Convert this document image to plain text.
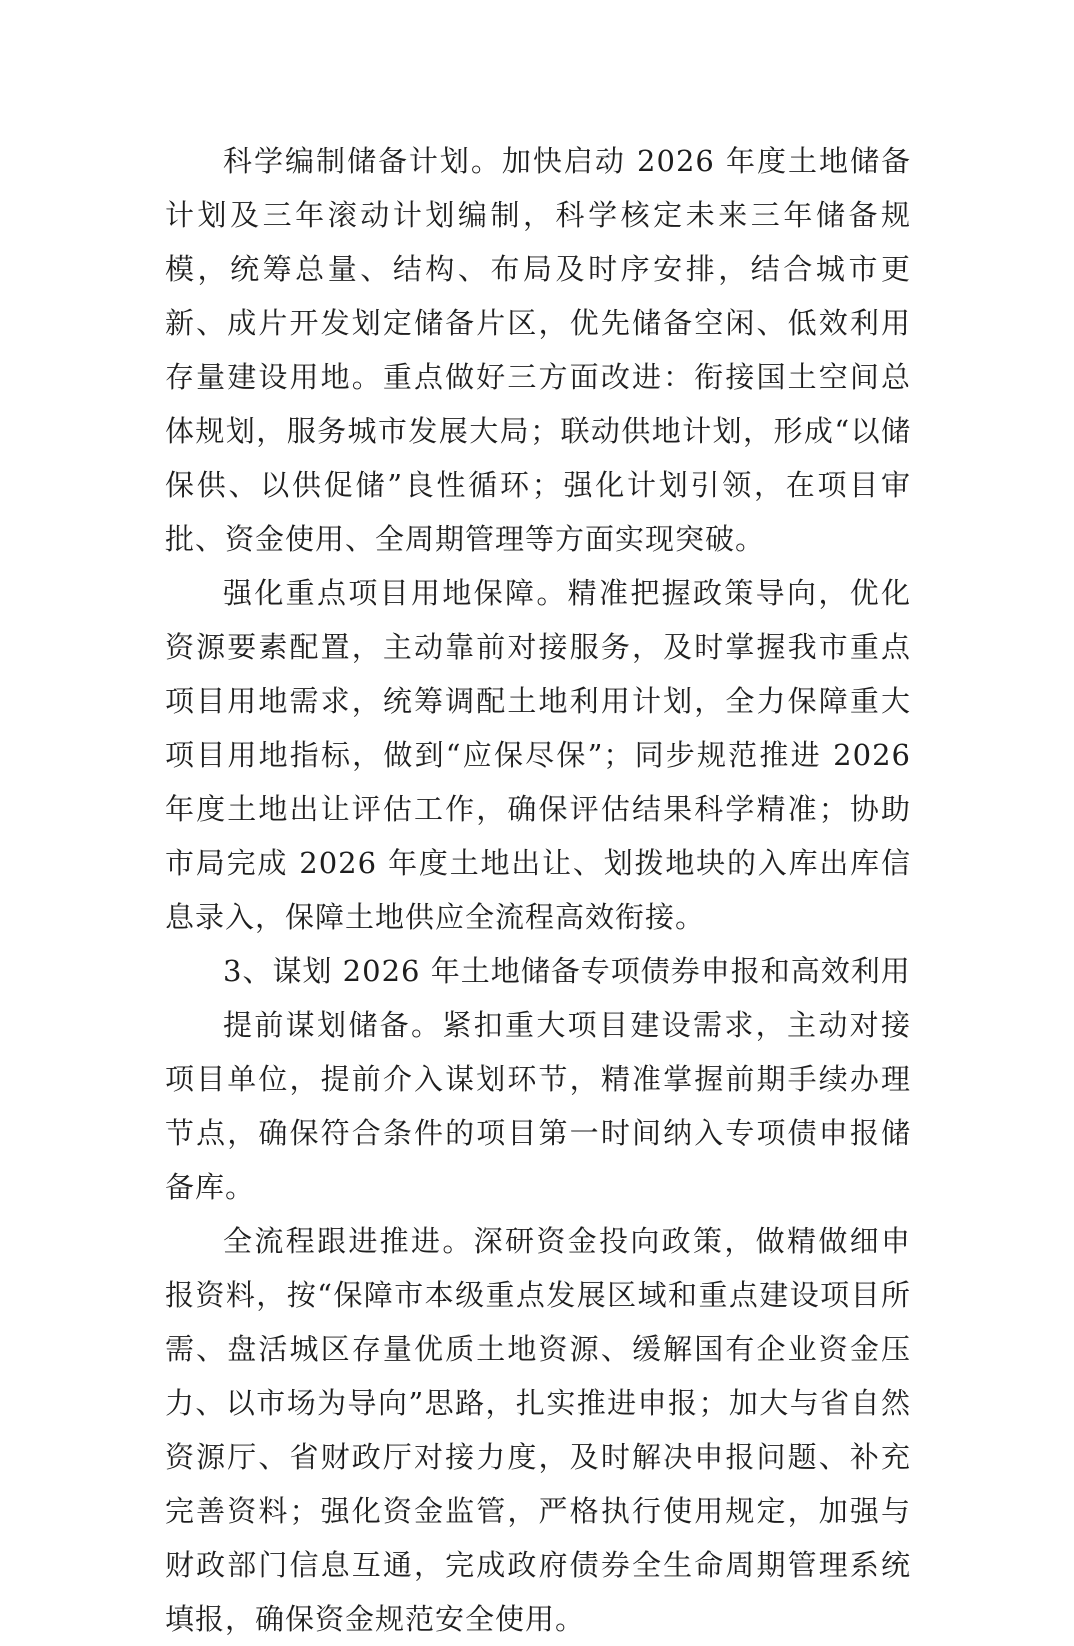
科学编制储备计划。加快启动 2026 年度土地储备计划及三年滚动计划编制，科学核定未来三年储备规模，统筹总量、结构、布局及时序安排，结合城市更新、成片开发划定储备片区，优先储备空闲、低效利用存量建设用地。重点做好三方面改进：衔接国土空间总体规划，服务城市发展大局；联动供地计划，形成“以储保供、以供促储”良性循环；强化计划引领，在项目审批、资金使用、全周期管理等方面实现突破。

强化重点项目用地保障。精准把握政策导向，优化资源要素配置，主动靠前对接服务，及时掌握我市重点项目用地需求，统筹调配土地利用计划，全力保障重大项目用地指标，做到“应保尽保”；同步规范推进 2026 年度土地出让评估工作，确保评估结果科学精准；协助市局完成 2026 年度土地出让、划拨地块的入库出库信息录入，保障土地供应全流程高效衔接。

3、谋划 2026 年土地储备专项债券申报和高效利用

提前谋划储备。紧扣重大项目建设需求，主动对接项目单位，提前介入谋划环节，精准掌握前期手续办理节点，确保符合条件的项目第一时间纳入专项债申报储备库。

全流程跟进推进。深研资金投向政策，做精做细申报资料，按“保障市本级重点发展区域和重点建设项目所需、盘活城区存量优质土地资源、缓解国有企业资金压力、以市场为导向”思路，扎实推进申报；加大与省自然资源厅、省财政厅对接力度，及时解决申报问题、补充完善资料；强化资金监管，严格执行使用规定，加强与财政部门信息互通，完成政府债券全生命周期管理系统填报，确保资金规范安全使用。
